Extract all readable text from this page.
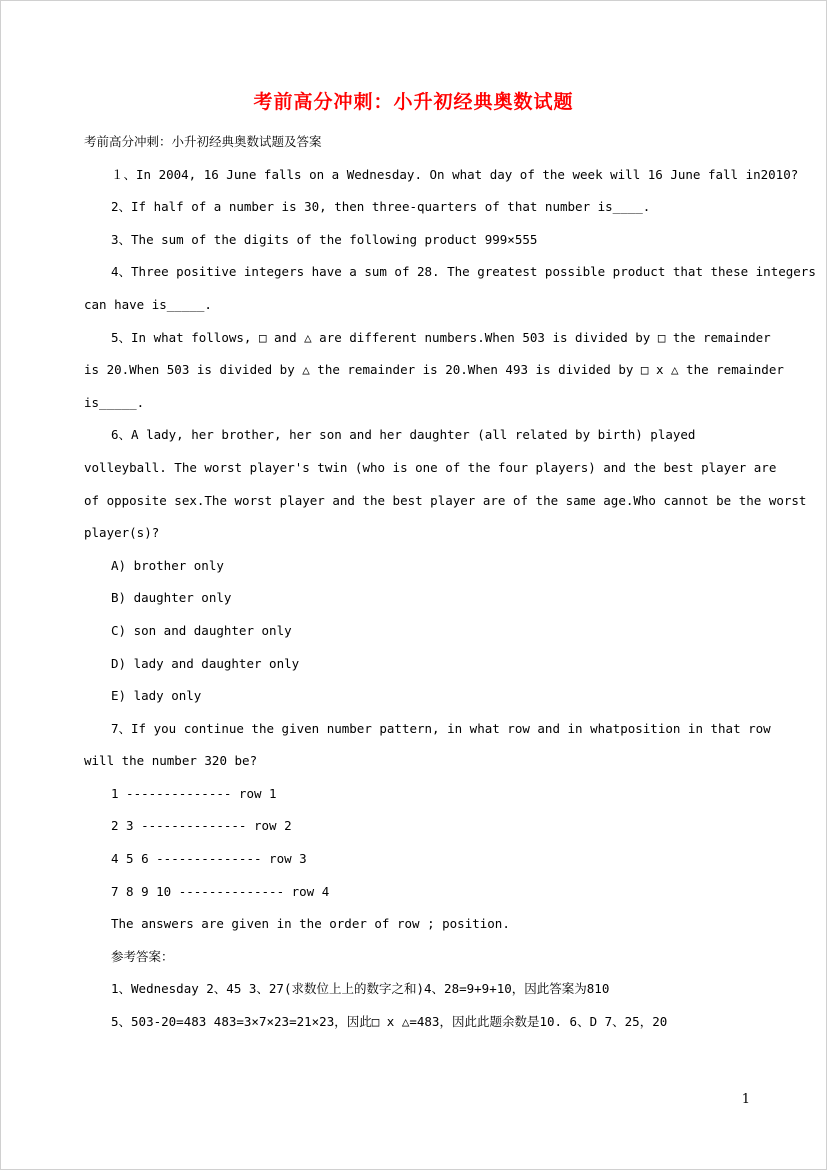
考前高分冲刺：小升初经典奥数试题
考前高分冲刺：小升初经典奥数试题及答案
１、In 2004, 16 June falls on a Wednesday. On what day of the week will 16 June fall in2010?
2、If half of a number is 30, then three-quarters of that number is____.
3、The sum of the digits of the following product 999×555
4、Three positive integers have a sum of 28. The greatest possible product that these integers
can have is_____.
5、In what follows, □ and △ are different numbers.When 503 is divided by □ the remainder
is 20.When 503 is divided by △ the remainder is 20.When 493 is divided by □ x △ the remainder
is_____.
6、A lady, her brother, her son and her daughter (all related by birth) played
volleyball. The worst player's twin (who is one of the four players) and the best player are
of opposite sex.The worst player and the best player are of the same age.Who cannot be the worst
player(s)?
A) brother only
B) daughter only
C) son and daughter only
D) lady and daughter only
E) lady only
7、If you continue the given number pattern, in what row and in whatposition in that row
will the number 320 be?
1 -------------- row 1
2 3 -------------- row 2
4 5 6 -------------- row 3
7 8 9 10 -------------- row 4
The answers are given in the order of row ; position.
参考答案：
1、Wednesday 2、45 3、27(求数位上上的数字之和)4、28=9+9+10，因此答案为810
5、503-20=483 483=3×7×23=21×23，因此□ x △=483，因此此题余数是10. 6、D 7、25，20
1
